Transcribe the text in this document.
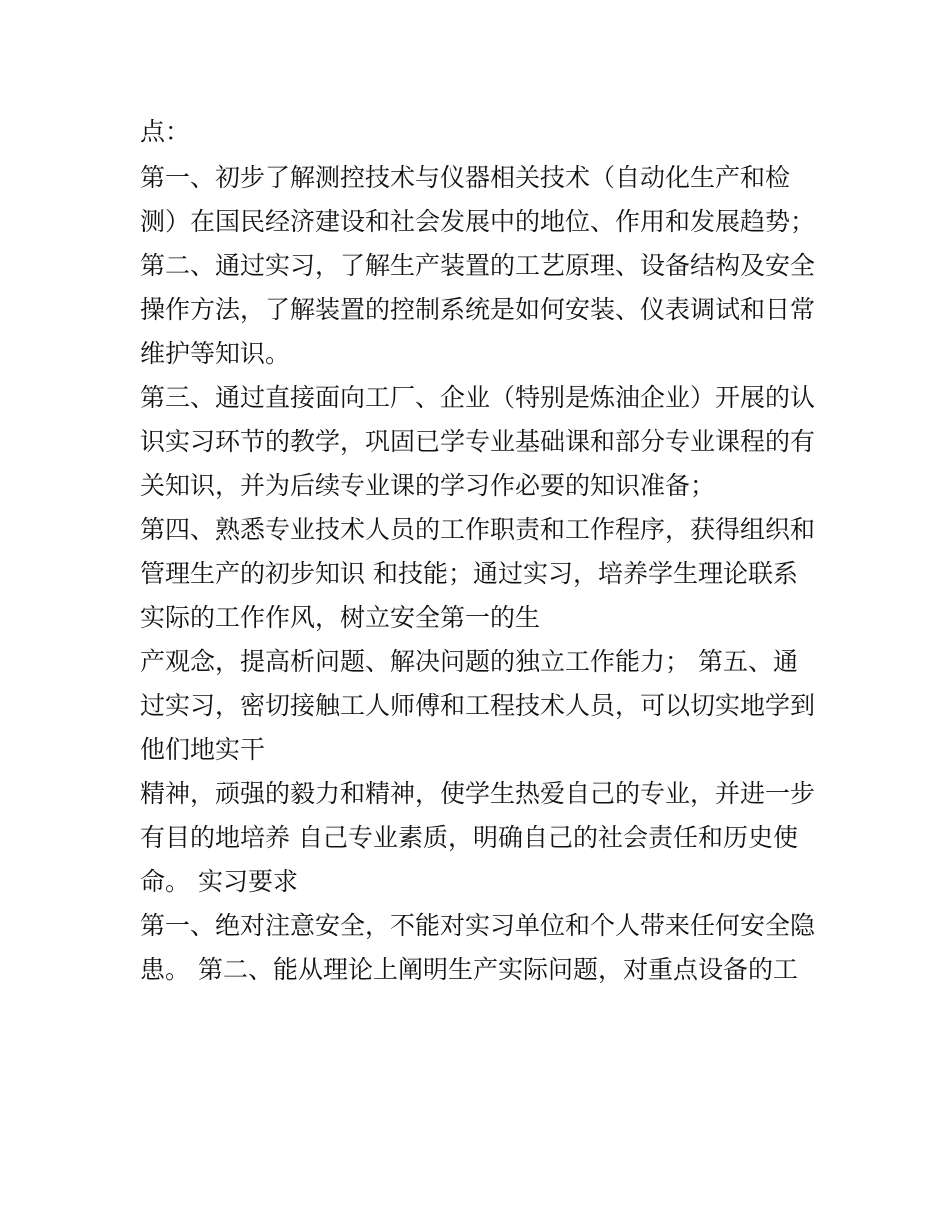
点：

第一、初步了解测控技术与仪器相关技术（自动化生产和检

测）在国民经济建设和社会发展中的地位、作用和发展趋势；

第二、通过实习，了解生产装置的工艺原理、设备结构及安全

操作方法，了解装置的控制系统是如何安装、仪表调试和日常

维护等知识。

第三、通过直接面向工厂、企业（特别是炼油企业）开展的认

识实习环节的教学，巩固已学专业基础课和部分专业课程的有

关知识，并为后续专业课的学习作必要的知识准备；

第四、熟悉专业技术人员的工作职责和工作程序，获得组织和

管理生产的初步知识 和技能；通过实习，培养学生理论联系

实际的工作作风，树立安全第一的生

产观念，提高析问题、解决问题的独立工作能力； 第五、通

过实习，密切接触工人师傅和工程技术人员，可以切实地学到

他们地实干

精神，顽强的毅力和精神，使学生热爱自己的专业，并进一步

有目的地培养 自己专业素质，明确自己的社会责任和历史使

命。 实习要求

第一、绝对注意安全，不能对实习单位和个人带来任何安全隐

患。 第二、能从理论上阐明生产实际问题，对重点设备的工
